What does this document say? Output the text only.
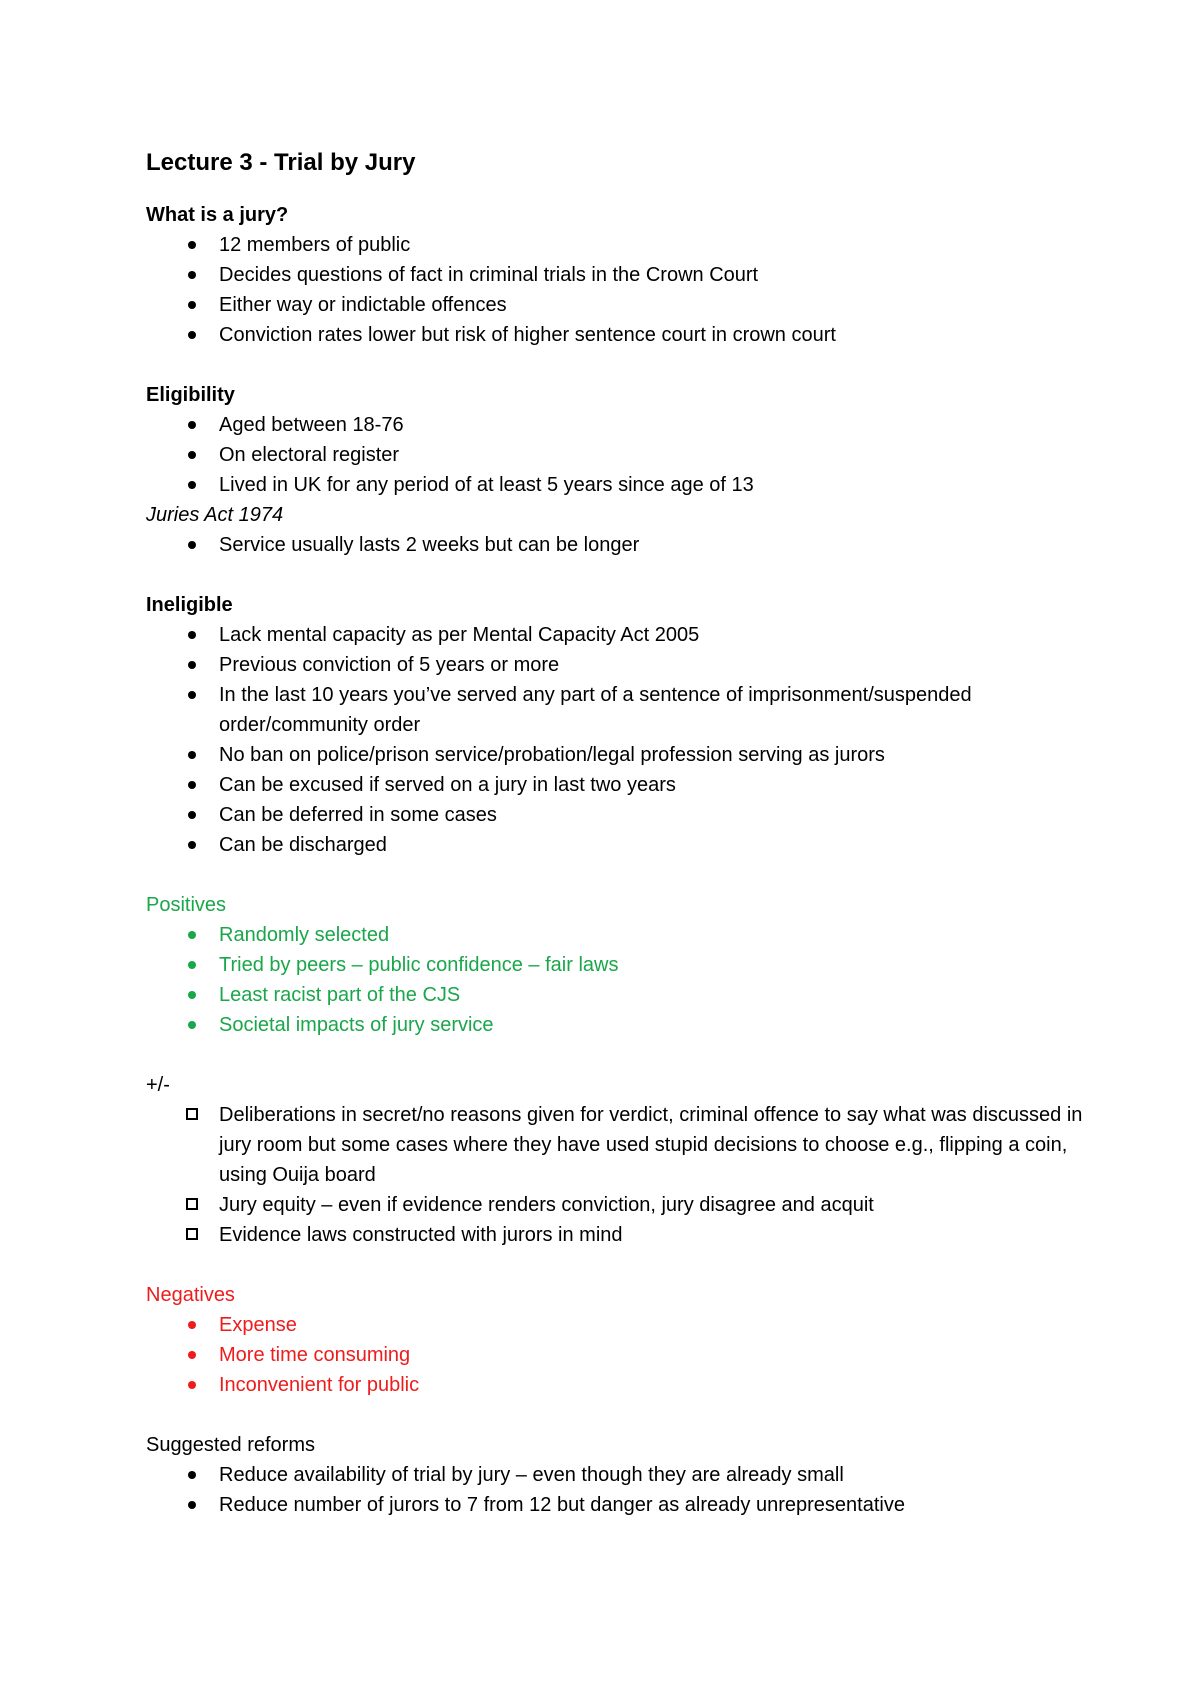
Lecture 3 - Trial by Jury
What is a jury?
12 members of public
Decides questions of fact in criminal trials in the Crown Court
Either way or indictable offences
Conviction rates lower but risk of higher sentence court in crown court
Eligibility
Aged between 18-76
On electoral register
Lived in UK for any period of at least 5 years since age of 13
Juries Act 1974
Service usually lasts 2 weeks but can be longer
Ineligible
Lack mental capacity as per Mental Capacity Act 2005
Previous conviction of 5 years or more
In the last 10 years you’ve served any part of a sentence of imprisonment/suspended order/community order
No ban on police/prison service/probation/legal profession serving as jurors
Can be excused if served on a jury in last two years
Can be deferred in some cases
Can be discharged
Positives
Randomly selected
Tried by peers – public confidence – fair laws
Least racist part of the CJS
Societal impacts of jury service
+/-
Deliberations in secret/no reasons given for verdict, criminal offence to say what was discussed in jury room but some cases where they have used stupid decisions to choose e.g., flipping a coin, using Ouija board
Jury equity – even if evidence renders conviction, jury disagree and acquit
Evidence laws constructed with jurors in mind
Negatives
Expense
More time consuming
Inconvenient for public
Suggested reforms
Reduce availability of trial by jury – even though they are already small
Reduce number of jurors to 7 from 12 but danger as already unrepresentative
